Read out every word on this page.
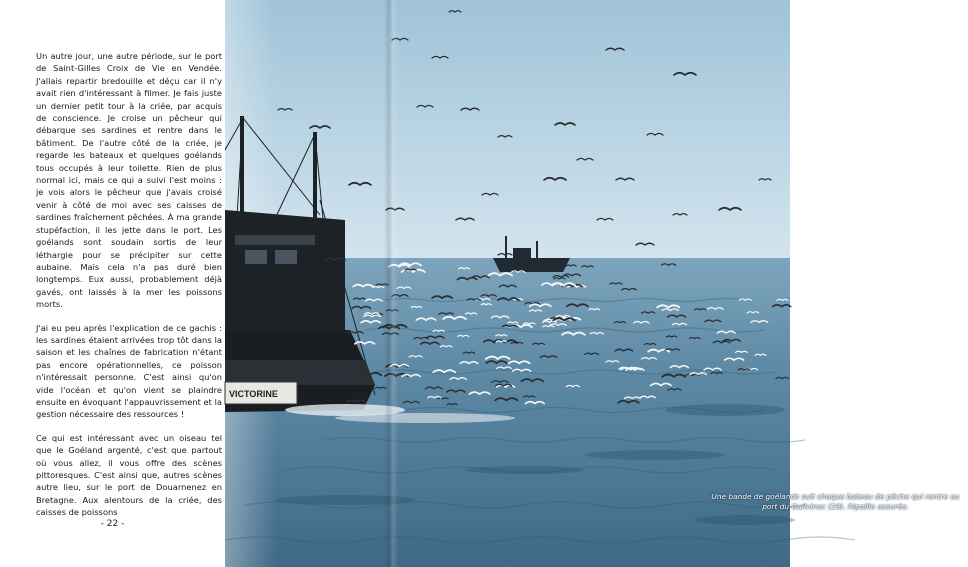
Un autre jour, une autre période, sur le port de Saint-Gilles Croix de Vie en Vendée. J'allais repartir bredouille et déçu car il n'y avait rien d'intéressant à filmer. Je fais juste un dernier petit tour à la criée, par acquis de conscience. Je croise un pêcheur qui débarque ses sardines et rentre dans le bâtiment. De l'autre côté de la criée, je regarde les bateaux et quelques goélands tous occupés à leur toilette. Rien de plus normal ici, mais ce qui a suivi l'est moins : je vois alors le pêcheur que j'avais croisé venir à côté de moi avec ses caisses de sardines fraîchement pêchées. À ma grande stupéfaction, il les jette dans le port. Les goélands sont soudain sortis de leur léthargie pour se précipiter sur cette aubaine. Mais cela n'a pas duré bien longtemps. Eux aussi, probablement déjà gavés, ont laissés à la mer les poissons morts.

J'ai eu peu après l'explication de ce gachis : les sardines étaient arrivées trop tôt dans la saison et les chaînes de fabrication n'étant pas encore opérationnelles, ce poisson n'intéressait personne. C'est ainsi qu'on vide l'océan et qu'on vient se plaindre ensuite en évoquant l'appauvrissement et la gestion nécessaire des ressources !

Ce qui est intéressant avec un oiseau tel que le Goéland argenté, c'est que partout où vous allez, il vous offre des scènes pittoresques. C'est ainsi que, autres scènes autre lieu, sur le port de Douarnenez en Bretagne. Aux alentours de la criée, des caisses de poissons

- 22 -
VICTORINE
Une bande de goélands suit chaque bateau de pêche qui rentre au port du Guilvinec (29). Ripaille assurée.
